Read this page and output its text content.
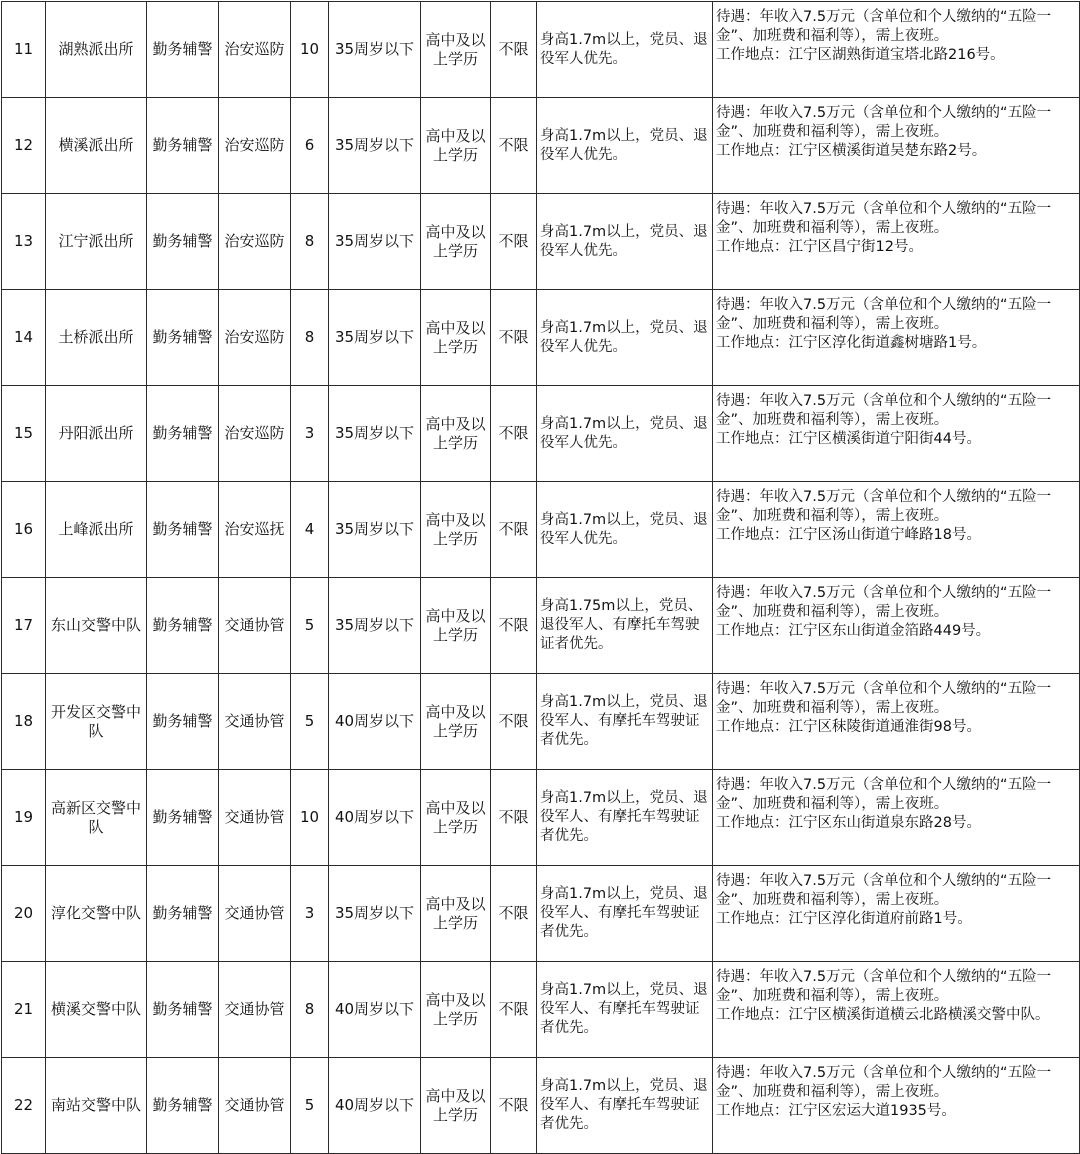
11	湖熟派出所	勤务辅警	治安巡防	10	35周岁以下	高中及以上学历	不限	身高1.7m以上，党员、退役军人优先。	待遇：年收入7.5万元（含单位和个人缴纳的“五险一金”、加班费和福利等），需上夜班。
工作地点：江宁区湖熟街道宝塔北路216号。

12	横溪派出所	勤务辅警	治安巡防	6	35周岁以下	高中及以上学历	不限	身高1.7m以上，党员、退役军人优先。	待遇：年收入7.5万元（含单位和个人缴纳的“五险一金”、加班费和福利等），需上夜班。
工作地点：江宁区横溪街道吴楚东路2号。

13	江宁派出所	勤务辅警	治安巡防	8	35周岁以下	高中及以上学历	不限	身高1.7m以上，党员、退役军人优先。	待遇：年收入7.5万元（含单位和个人缴纳的“五险一金”、加班费和福利等），需上夜班。
工作地点：江宁区昌宁街12号。

14	土桥派出所	勤务辅警	治安巡防	8	35周岁以下	高中及以上学历	不限	身高1.7m以上，党员、退役军人优先。	待遇：年收入7.5万元（含单位和个人缴纳的“五险一金”、加班费和福利等），需上夜班。
工作地点：江宁区淳化街道鑫树塘路1号。

15	丹阳派出所	勤务辅警	治安巡防	3	35周岁以下	高中及以上学历	不限	身高1.7m以上，党员、退役军人优先。	待遇：年收入7.5万元（含单位和个人缴纳的“五险一金”、加班费和福利等），需上夜班。
工作地点：江宁区横溪街道宁阳街44号。

16	上峰派出所	勤务辅警	治安巡抚	4	35周岁以下	高中及以上学历	不限	身高1.7m以上，党员、退役军人优先。	待遇：年收入7.5万元（含单位和个人缴纳的“五险一金”、加班费和福利等），需上夜班。
工作地点：江宁区汤山街道宁峰路18号。

17	东山交警中队	勤务辅警	交通协管	5	35周岁以下	高中及以上学历	不限	身高1.75m以上，党员、退役军人、有摩托车驾驶证者优先。	待遇：年收入7.5万元（含单位和个人缴纳的“五险一金”、加班费和福利等），需上夜班。
工作地点：江宁区东山街道金箔路449号。

18	开发区交警中队	勤务辅警	交通协管	5	40周岁以下	高中及以上学历	不限	身高1.7m以上，党员、退役军人、有摩托车驾驶证者优先。	待遇：年收入7.5万元（含单位和个人缴纳的“五险一金”、加班费和福利等），需上夜班。
工作地点：江宁区秣陵街道通淮街98号。

19	高新区交警中队	勤务辅警	交通协管	10	40周岁以下	高中及以上学历	不限	身高1.7m以上，党员、退役军人、有摩托车驾驶证者优先。	待遇：年收入7.5万元（含单位和个人缴纳的“五险一金”、加班费和福利等），需上夜班。
工作地点：江宁区东山街道泉东路28号。

20	淳化交警中队	勤务辅警	交通协管	3	35周岁以下	高中及以上学历	不限	身高1.7m以上，党员、退役军人、有摩托车驾驶证者优先。	待遇：年收入7.5万元（含单位和个人缴纳的“五险一金”、加班费和福利等），需上夜班。
工作地点：江宁区淳化街道府前路1号。

21	横溪交警中队	勤务辅警	交通协管	8	40周岁以下	高中及以上学历	不限	身高1.7m以上，党员、退役军人、有摩托车驾驶证者优先。	待遇：年收入7.5万元（含单位和个人缴纳的“五险一金”、加班费和福利等），需上夜班。
工作地点：江宁区横溪街道横云北路横溪交警中队。

22	南站交警中队	勤务辅警	交通协管	5	40周岁以下	高中及以上学历	不限	身高1.7m以上，党员、退役军人、有摩托车驾驶证者优先。	待遇：年收入7.5万元（含单位和个人缴纳的“五险一金”、加班费和福利等），需上夜班。
工作地点：江宁区宏运大道1935号。
